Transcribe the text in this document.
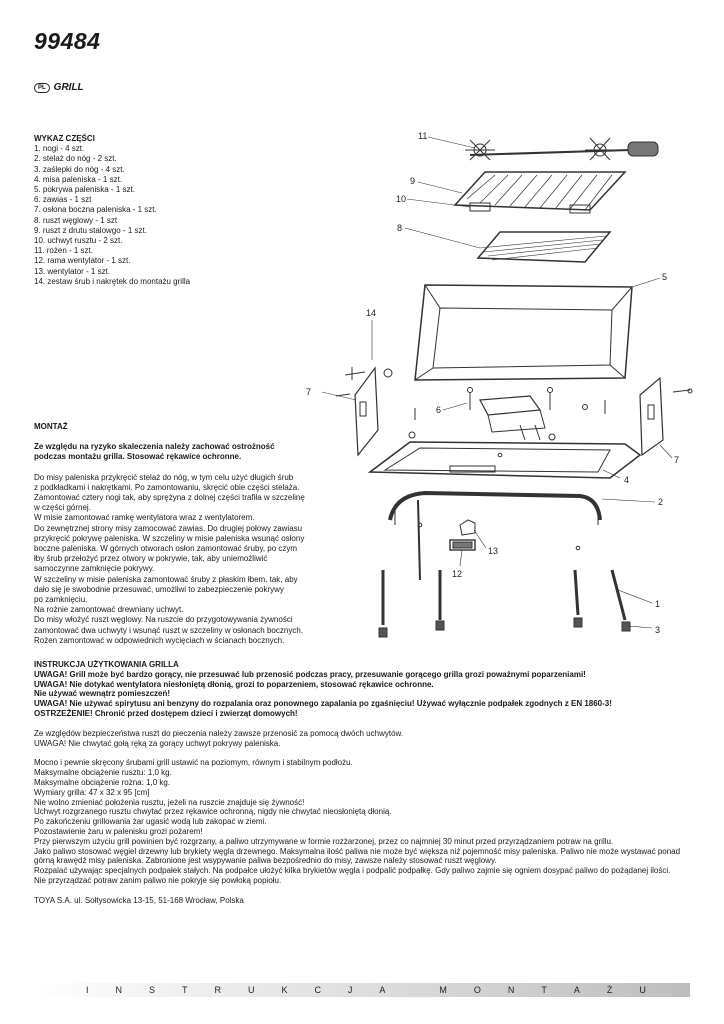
99484
PL GRILL
WYKAZ CZĘŚCI
1. nogi - 4 szt.
2. stelaż do nóg - 2 szt.
3. zaślepki do nóg - 4 szt.
4. misa paleniska - 1 szt.
5. pokrywa paleniska - 1 szt.
6. zawias - 1 szt
7. osłona boczna paleniska - 1 szt.
8. ruszt węglowy - 1 szt
9. ruszt z drutu stalowgo - 1 szt.
10. uchwyt rusztu - 2 szt.
11. rożen - 1 szt.
12. rama wentylator - 1 szt.
13. wentylator - 1 szt.
14. zestaw śrub i nakrętek do montażu grilla
MONTAŻ
Ze względu na ryzyko skaleczenia należy zachować ostrożność
podczas montażu grilla. Stosować rękawice ochronne.
Do misy paleniska przykręcić stelaż do nóg, w tym celu użyć długich śrub
z podkładkami i nakrętkami. Po zamontowaniu, skręcić obie części stelaża.
Zamontować cztery nogi tak, aby sprężyna z dolnej części trafiła w szczelinę
w części górnej.
W misie zamontować ramkę wentylatora wraz z wentylatorem.
Do zewnętrznej strony misy zamocować zawias. Do drugiej połowy zawiasu
przykręcić pokrywę paleniska. W szczeliny w misie paleniska wsunąć osłony
boczne paleniska. W górnych otworach osłon zamontować śruby, po czym
łby śrub przełożyć przez otwory w pokrywie, tak, aby uniemożliwić
samoczynne zamknięcie pokrywy.
W szczeliny w misie paleniska zamontować śruby z płaskim łbem, tak, aby
dało się je swobodnie przesuwać, umożliwi to zabezpieczenie pokrywy
po zamknięciu.
Na rożnie zamontować drewniany uchwyt.
Do misy włożyć ruszt węglowy. Na ruszcie do przygotowywania żywności
zamontować dwa uchwyty i wsunąć ruszt w szczeliny w osłonach bocznych.
Rożen zamontować w odpowiednich wycięciach w ścianach bocznych.
INSTRUKCJA UŻYTKOWANIA GRILLA
UWAGA! Grill może być bardzo gorący, nie przesuwać lub przenosić podczas pracy, przesuwanie gorącego grilla grozi poważnymi poparzeniami!
UWAGA! Nie dotykać wentylatora niesłoniętą dłonią, grozi to poparzeniem, stosować rękawice ochronne.
Nie używać wewnątrz pomieszczeń!
UWAGA! Nie używać spirytusu ani benzyny do rozpalania oraz ponownego zapalania po zgaśnięciu! Używać wyłącznie podpałek zgodnych z EN 1860-3!
OSTRZEŻENIE! Chronić przed dostępem dzieci i zwierząt domowych!
Ze względów bezpieczeństwa ruszt do pieczenia należy zawsze przenosić za pomocą dwóch uchwytów.
UWAGA! Nie chwytać gołą ręką za gorący uchwyt pokrywy paleniska.
Mocno i pewnie skręcony śrubami grill ustawić na poziomym, równym i stabilnym podłożu.
Maksymalne obciążenie rusztu: 1,0 kg.
Maksymalne obciążenie rożna: 1,0 kg.
Wymiary grilla: 47 x 32 x 95 [cm]
Nie wolno zmieniać położenia rusztu, jeżeli na ruszcie znajduje się żywność!
Uchwyt rozgrzanego rusztu chwytać przez rękawice ochronną, nigdy nie chwytać nieosłoniętą dłonią.
Po zakończeniu grillowania żar ugasić wodą lub zakopać w ziemi.
Pozostawienie żaru w palenisku grozi pożarem!
Przy pierwszym użyciu grill powinien być rozgrzany, a paliwo utrzymywane w formie rozżarzonej, przez co najmniej 30 minut przed przyrządzaniem potraw na grillu.
Jako paliwo stosować węgiel drzewny lub brykiety węgla drzewnego. Maksymalna ilość paliwa nie może być większa niż pojemność misy paleniska. Paliwo nie może wystawać ponad
górną krawędź misy paleniska. Zabronione jest wsypywanie paliwa bezpośrednio do misy, zawsze należy stosować ruszt węglowy.
Rozpalać używając specjalnych podpałek stałych. Na podpałce ułożyć kilka brykietów węgla i podpalić podpałkę. Gdy paliwo zajmie się ogniem dosypać paliwo do pożądanej ilości.
Nie przyrządzać potraw zanim paliwo nie pokryje się powłoką popiołu.
TOYA S.A. ul. Sołtysowicka 13-15, 51-168 Wrocław, Polska
11
9
10
8
5
14
7
6
4
7
2
13
12
1
3
I	N	S	T	R	U	K	C	J	A	M	O	N	T	A	Ż	U
